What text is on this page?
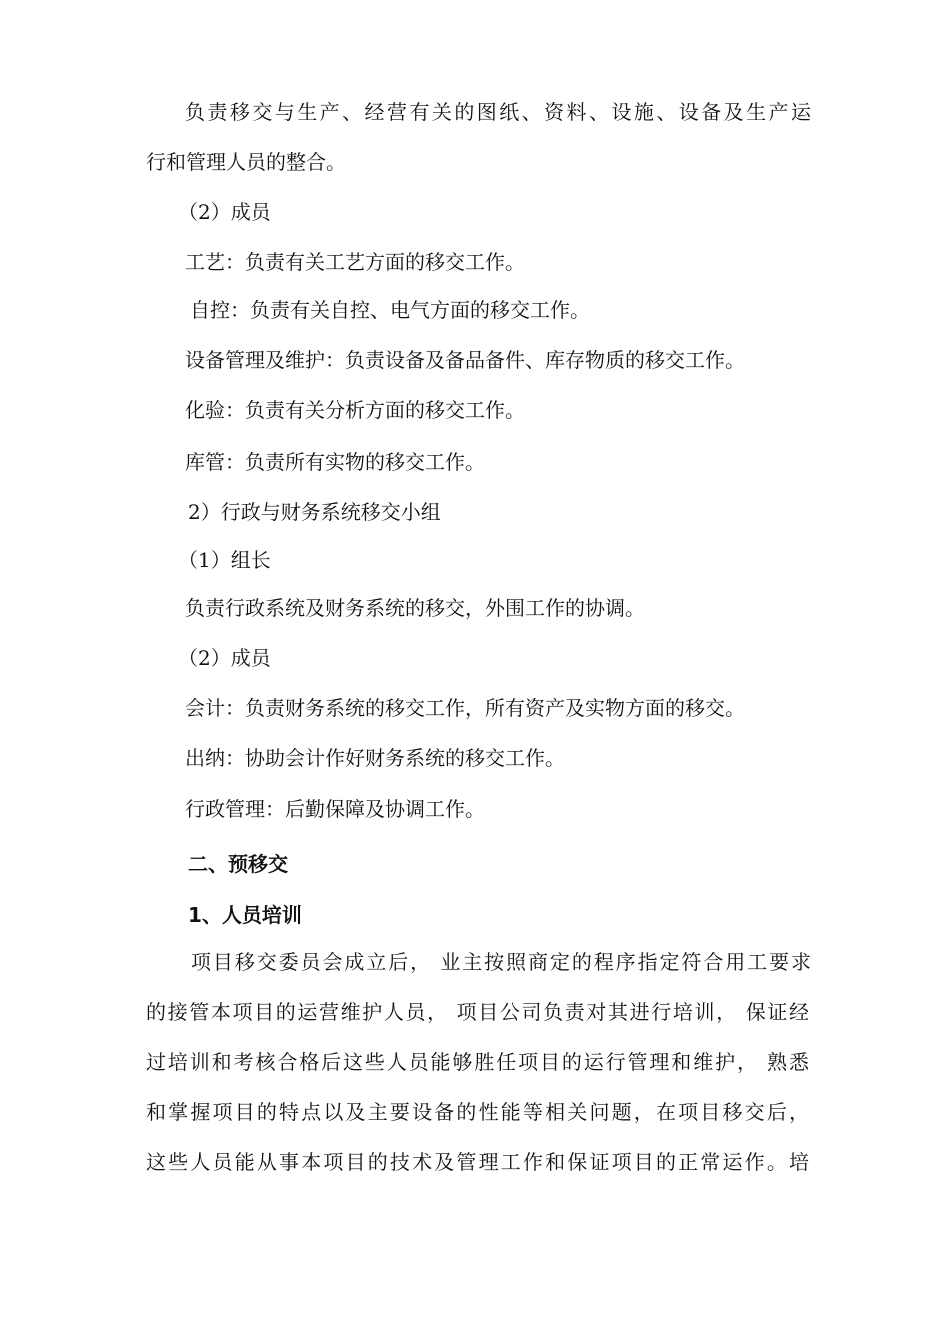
负责移交与生产、经营有关的图纸、资料、设施、设备及生产运
行和管理人员的整合。
（2）成员
工艺：负责有关工艺方面的移交工作。
自控：负责有关自控、电气方面的移交工作。
设备管理及维护：负责设备及备品备件、库存物质的移交工作。
化验：负责有关分析方面的移交工作。
库管：负责所有实物的移交工作。
2）行政与财务系统移交小组
（1）组长
负责行政系统及财务系统的移交，外围工作的协调。
（2）成员
会计：负责财务系统的移交工作，所有资产及实物方面的移交。
出纳：协助会计作好财务系统的移交工作。
行政管理：后勤保障及协调工作。
二、预移交
1、人员培训
项目移交委员会成立后， 业主按照商定的程序指定符合用工要求
的接管本项目的运营维护人员， 项目公司负责对其进行培训， 保证经
过培训和考核合格后这些人员能够胜任项目的运行管理和维护， 熟悉
和掌握项目的特点以及主要设备的性能等相关问题，在项目移交后，
这些人员能从事本项目的技术及管理工作和保证项目的正常运作。培
